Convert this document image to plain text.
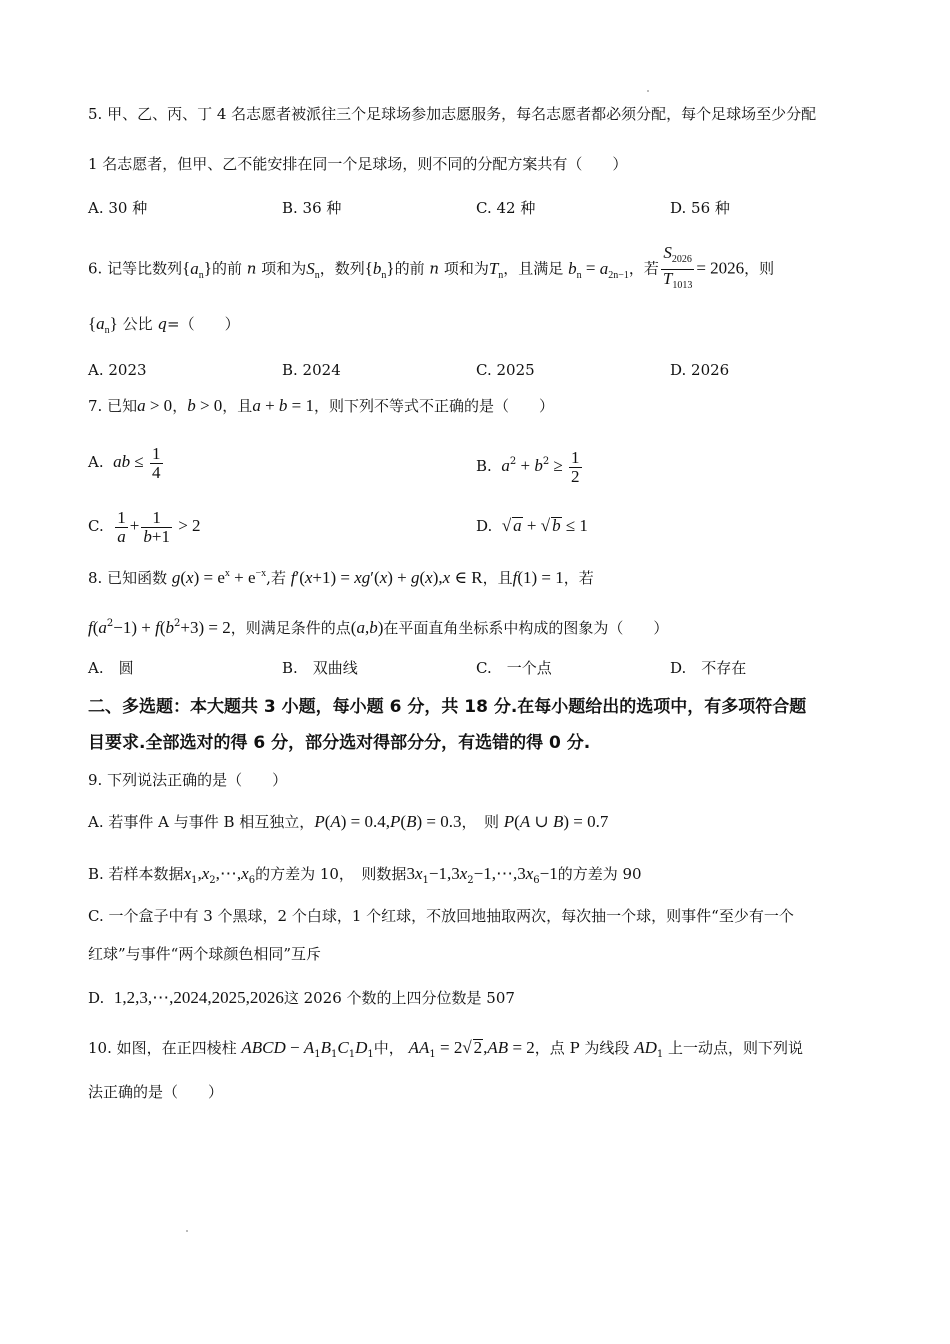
5. 甲、乙、丙、丁 4 名志愿者被派往三个足球场参加志愿服务，每名志愿者都必须分配，每个足球场至少分配
1 名志愿者，但甲、乙不能安排在同一个足球场，则不同的分配方案共有（　　）
A. 30 种	B. 36 种	C. 42 种	D. 56 种
6. 记等比数列$\{a_n\}$的前 n 项和为$S_n$，数列$\{b_n\}$的前 n 项和为$T_n$，且满足 $b_n = a_{2n-1}$，若 $\frac{S_{2026}}{T_{1013}} = 2026$，则
$\{a_n\}$ 公比 q=（　　）
A. 2023	B. 2024	C. 2025	D. 2026
7. 已知a > 0，b > 0，且a + b = 1，则下列不等式不正确的是（　　）
A. ab ≤ $\frac{1}{4}$	B. $a^2 + b^2 \ge \frac{1}{2}$
C. $\frac{1}{a} + \frac{1}{b+1} > 2$	D. √ a + √ b ≤ 1
8. 已知函数 $g(x) = e^x + e^{-x}$,若 f′(x+1) = xg′(x) + g(x),x ∈ R，且f(1) = 1，若
$f(a^2-1) + f(b^2+3) = 2$，则满足条件的点(a,b)在平面直角坐标系中构成的图象为（　　）
A.　圆	B.　双曲线	C.　一个点	D.　不存在
二、多选题：本大题共 3 小题，每小题 6 分，共 18 分.在每小题给出的选项中，有多项符合题
目要求.全部选对的得 6 分，部分选对得部分分，有选错的得 0 分.
9. 下列说法正确的是（　　）
A. 若事件 A 与事件 B 相互独立，P(A) = 0.4,P(B) = 0.3，　则 P(A ∪ B) = 0.7
B. 若样本数据$x_1,x_2,\cdots,x_6$的方差为 10，　则数据$3x_1-1,3x_2-1,\cdots,3x_6-1$的方差为 90
C. 一个盒子中有 3 个黑球，2 个白球，1 个红球，不放回地抽取两次，每次抽一个球，则事件“至少有一个
红球”与事件“两个球颜色相同”互斥
D. 1,2,3,⋯,2024,2025,2026这 2026 个数的上四分位数是 507
10. 如图，在正四棱柱 ABCD − $A_1B_1C_1D_1$中， $AA_1 = 2√$ 2,AB = 2，点 P 为线段 $AD_1$ 上一动点，则下列说
法正确的是（　　）
